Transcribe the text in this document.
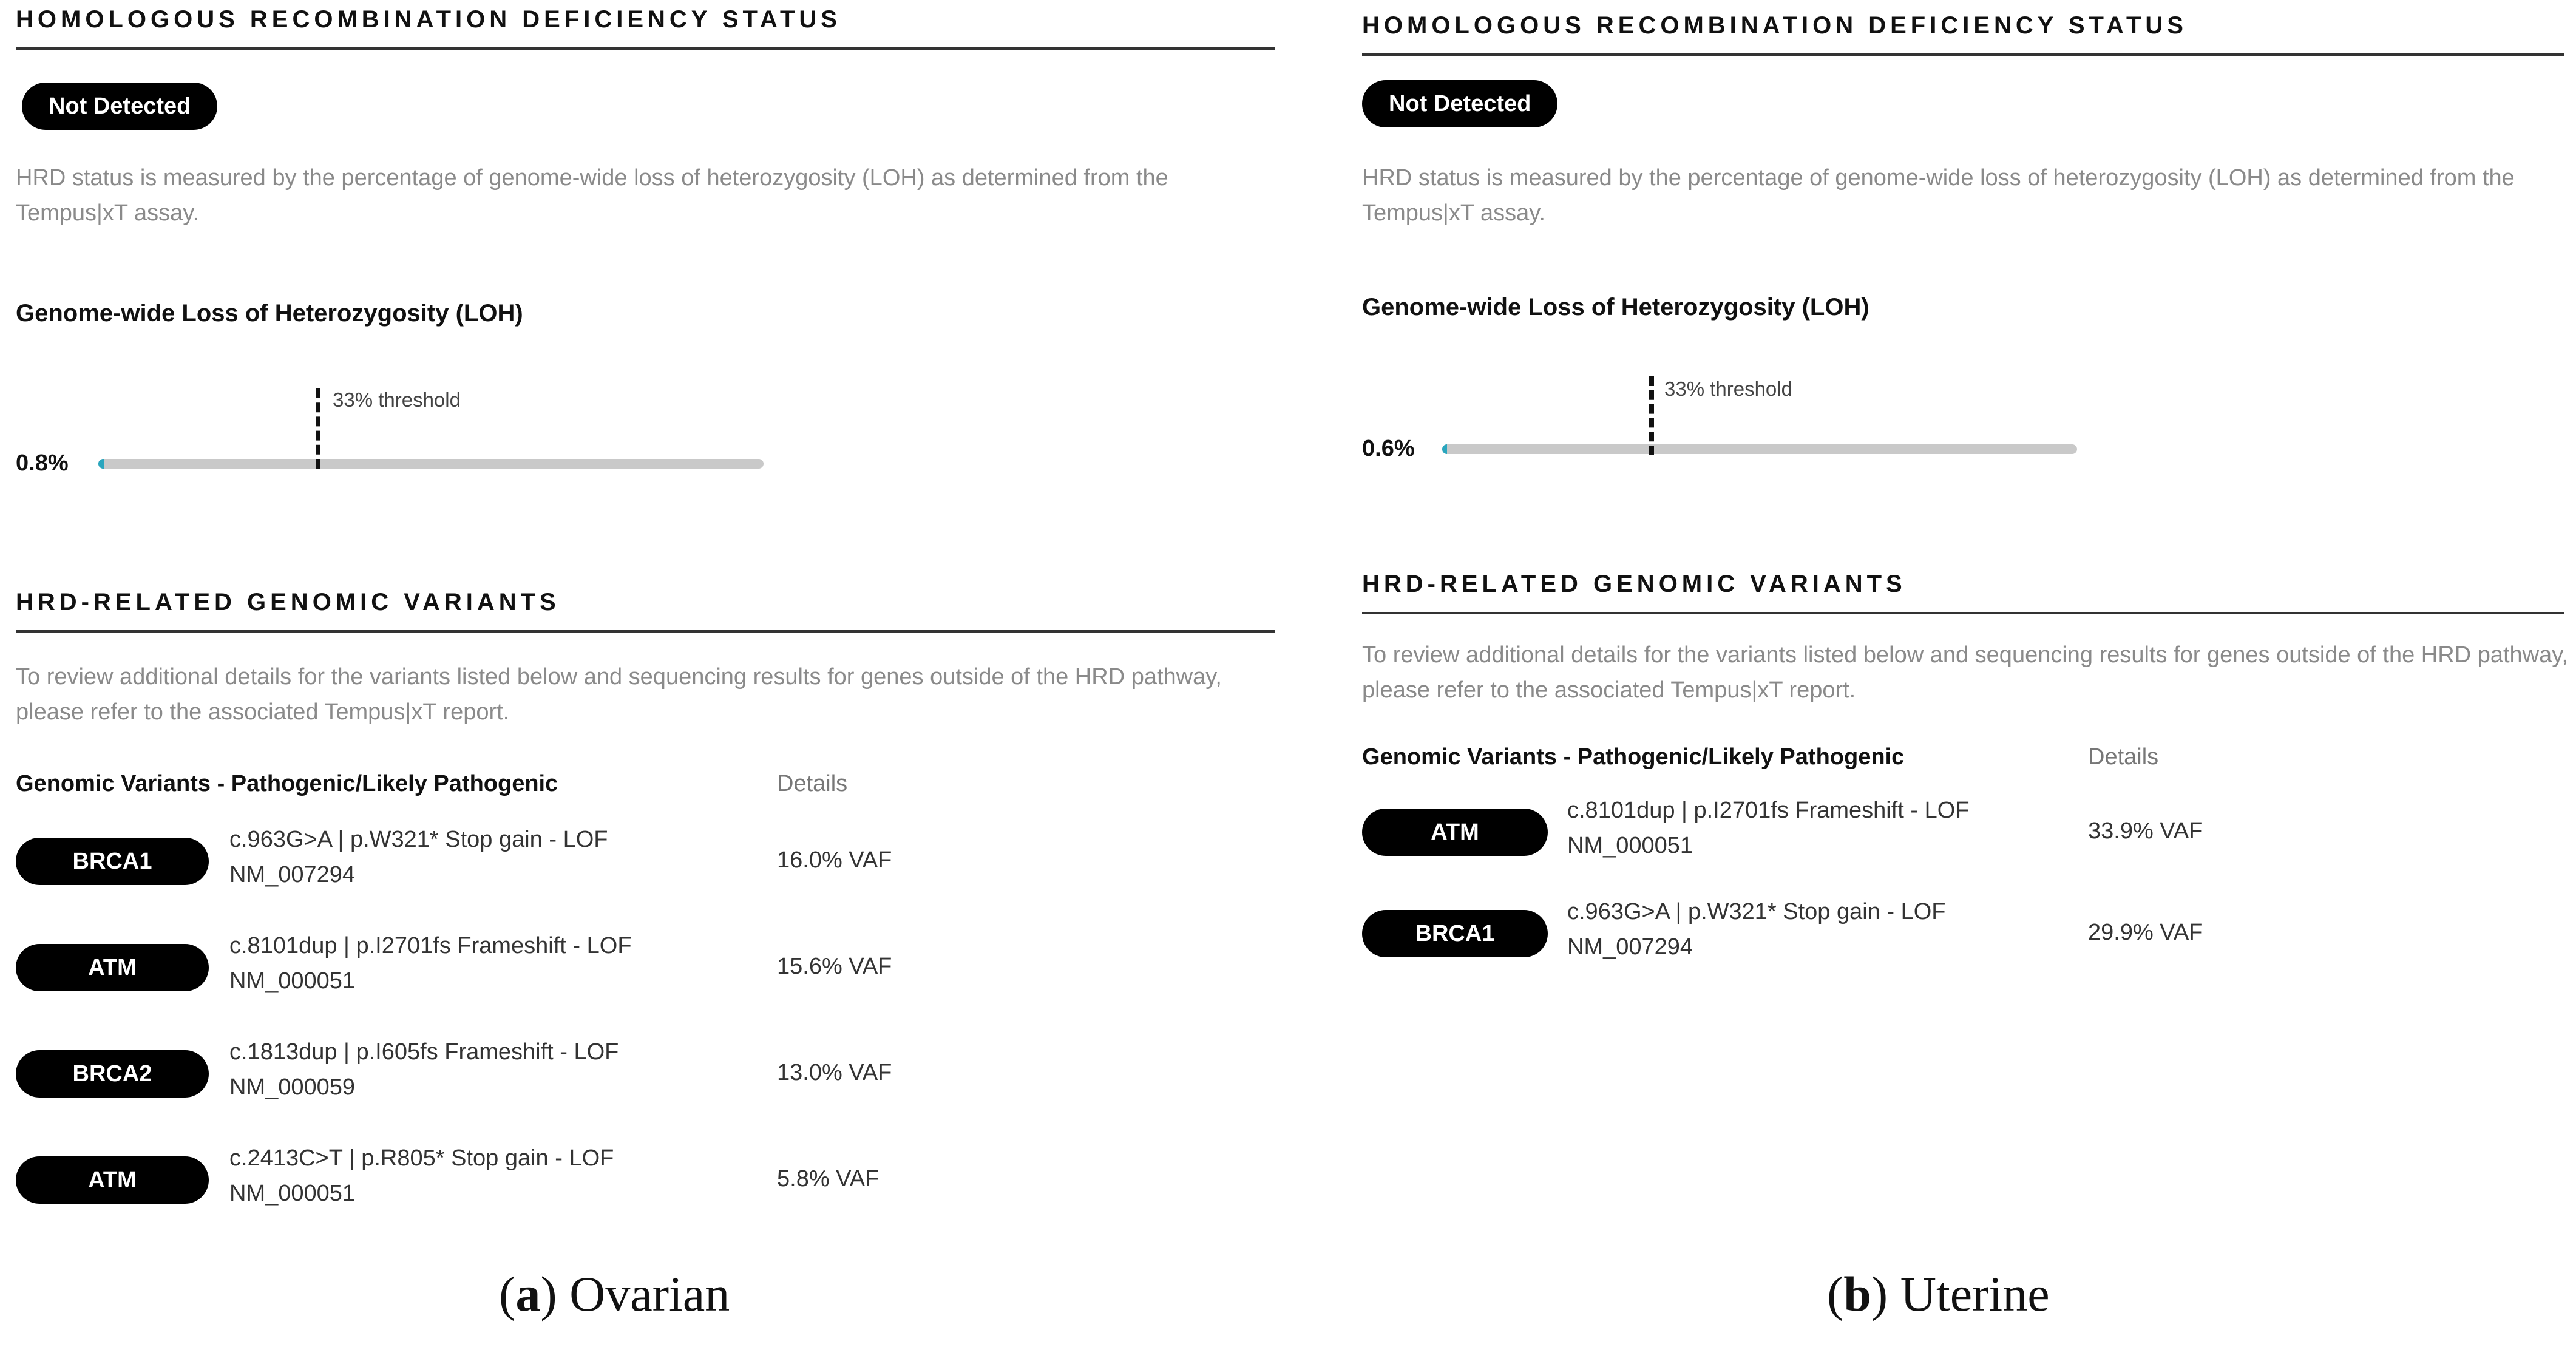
HOMOLOGOUS RECOMBINATION DEFICIENCY STATUS
Not Detected
HRD status is measured by the percentage of genome-wide loss of heterozygosity (LOH) as determined from the Tempus|xT assay.
Genome-wide Loss of Heterozygosity (LOH)
33% threshold
0.8%
HRD-RELATED GENOMIC VARIANTS
To review additional details for the variants listed below and sequencing results for genes outside of the HRD pathway, please refer to the associated Tempus|xT report.
Genomic Variants - Pathogenic/Likely Pathogenic	Details
BRCA1
c.963G>A | p.W321* Stop gain - LOF
NM_007294
16.0% VAF
ATM
c.8101dup | p.I2701fs Frameshift - LOF
NM_000051
15.6% VAF
BRCA2
c.1813dup | p.I605fs Frameshift - LOF
NM_000059
13.0% VAF
ATM
c.2413C>T | p.R805* Stop gain - LOF
NM_000051
5.8% VAF
(a) Ovarian
HOMOLOGOUS RECOMBINATION DEFICIENCY STATUS
Not Detected
HRD status is measured by the percentage of genome-wide loss of heterozygosity (LOH) as determined from the Tempus|xT assay.
Genome-wide Loss of Heterozygosity (LOH)
33% threshold
0.6%
HRD-RELATED GENOMIC VARIANTS
To review additional details for the variants listed below and sequencing results for genes outside of the HRD pathway, please refer to the associated Tempus|xT report.
Genomic Variants - Pathogenic/Likely Pathogenic	Details
ATM
c.8101dup | p.I2701fs Frameshift - LOF
NM_000051
33.9% VAF
BRCA1
c.963G>A | p.W321* Stop gain - LOF
NM_007294
29.9% VAF
(b) Uterine
